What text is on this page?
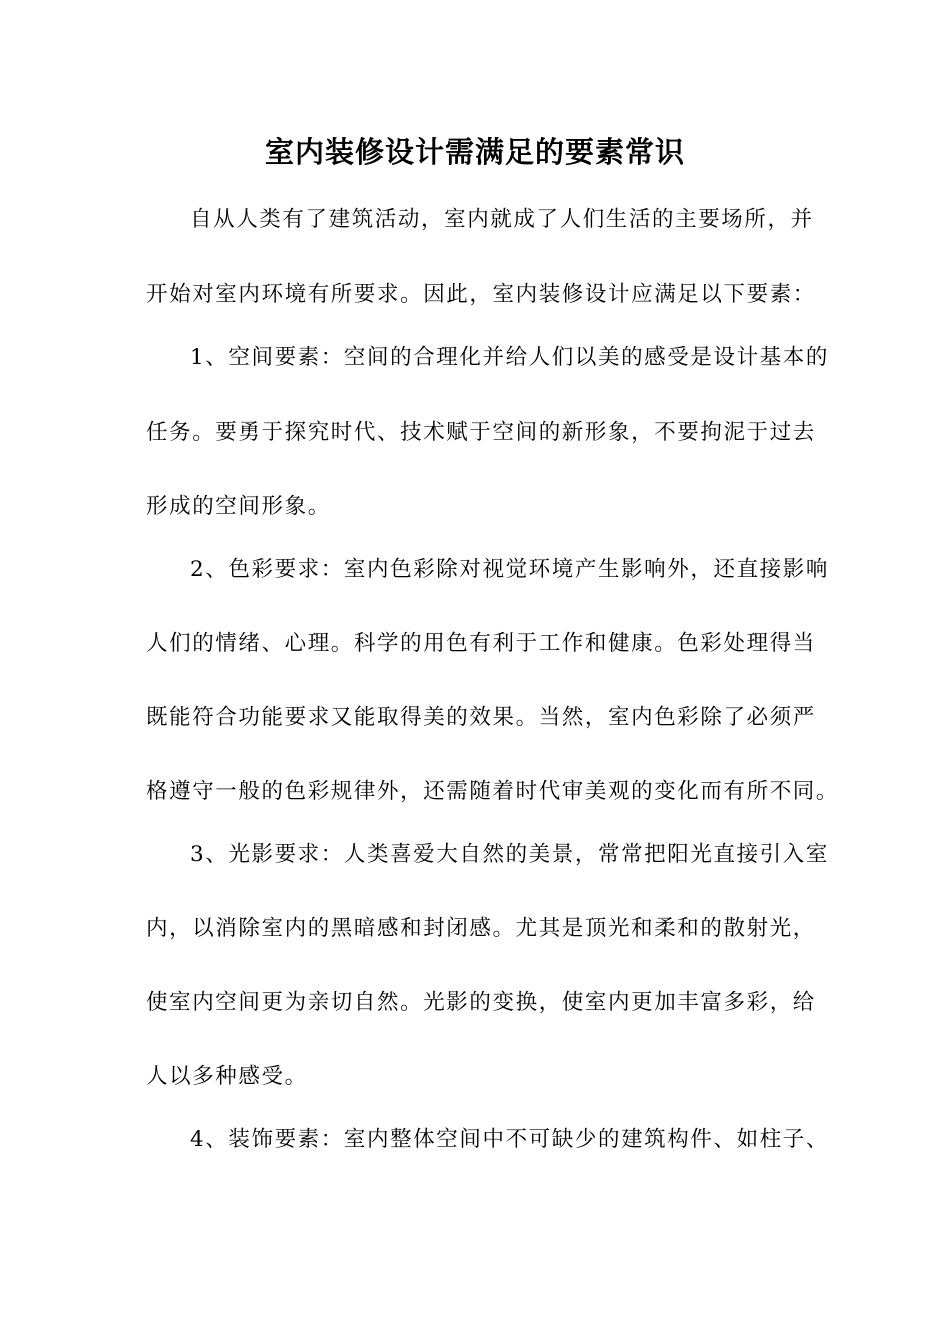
室内装修设计需满足的要素常识
自从人类有了建筑活动，室内就成了人们生活的主要场所，并
开始对室内环境有所要求。因此，室内装修设计应满足以下要素：
1、空间要素：空间的合理化并给人们以美的感受是设计基本的
任务。要勇于探究时代、技术赋于空间的新形象，不要拘泥于过去
形成的空间形象。
2、色彩要求：室内色彩除对视觉环境产生影响外，还直接影响
人们的情绪、心理。科学的用色有利于工作和健康。色彩处理得当
既能符合功能要求又能取得美的效果。当然，室内色彩除了必须严
格遵守一般的色彩规律外，还需随着时代审美观的变化而有所不同。
3、光影要求：人类喜爱大自然的美景，常常把阳光直接引入室
内，以消除室内的黑暗感和封闭感。尤其是顶光和柔和的散射光，
使室内空间更为亲切自然。光影的变换，使室内更加丰富多彩，给
人以多种感受。
4、装饰要素：室内整体空间中不可缺少的建筑构件、如柱子、
